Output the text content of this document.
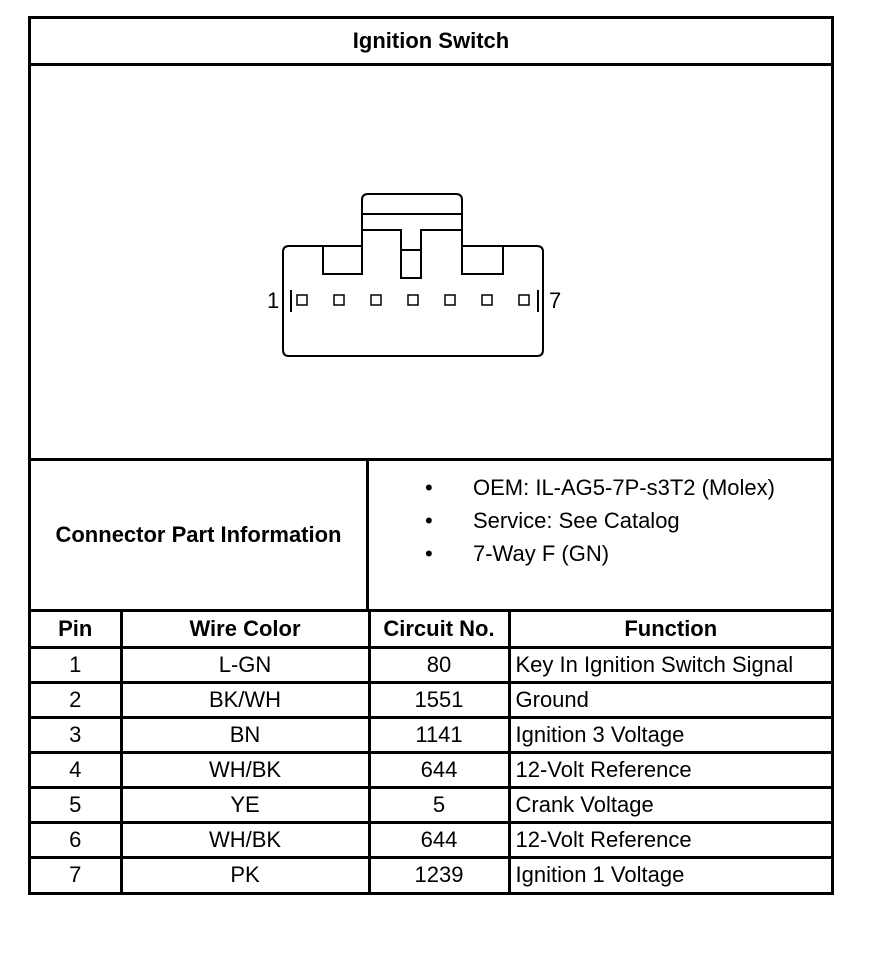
Ignition Switch
1	7
Connector Part Information
• OEM: IL-AG5-7P-s3T2 (Molex)
• Service: See Catalog
• 7-Way F (GN)
Pin	Wire Color	Circuit No.	Function
1	L-GN	80	Key In Ignition Switch Signal
2	BK/WH	1551	Ground
3	BN	1141	Ignition 3 Voltage
4	WH/BK	644	12-Volt Reference
5	YE	5	Crank Voltage
6	WH/BK	644	12-Volt Reference
7	PK	1239	Ignition 1 Voltage
